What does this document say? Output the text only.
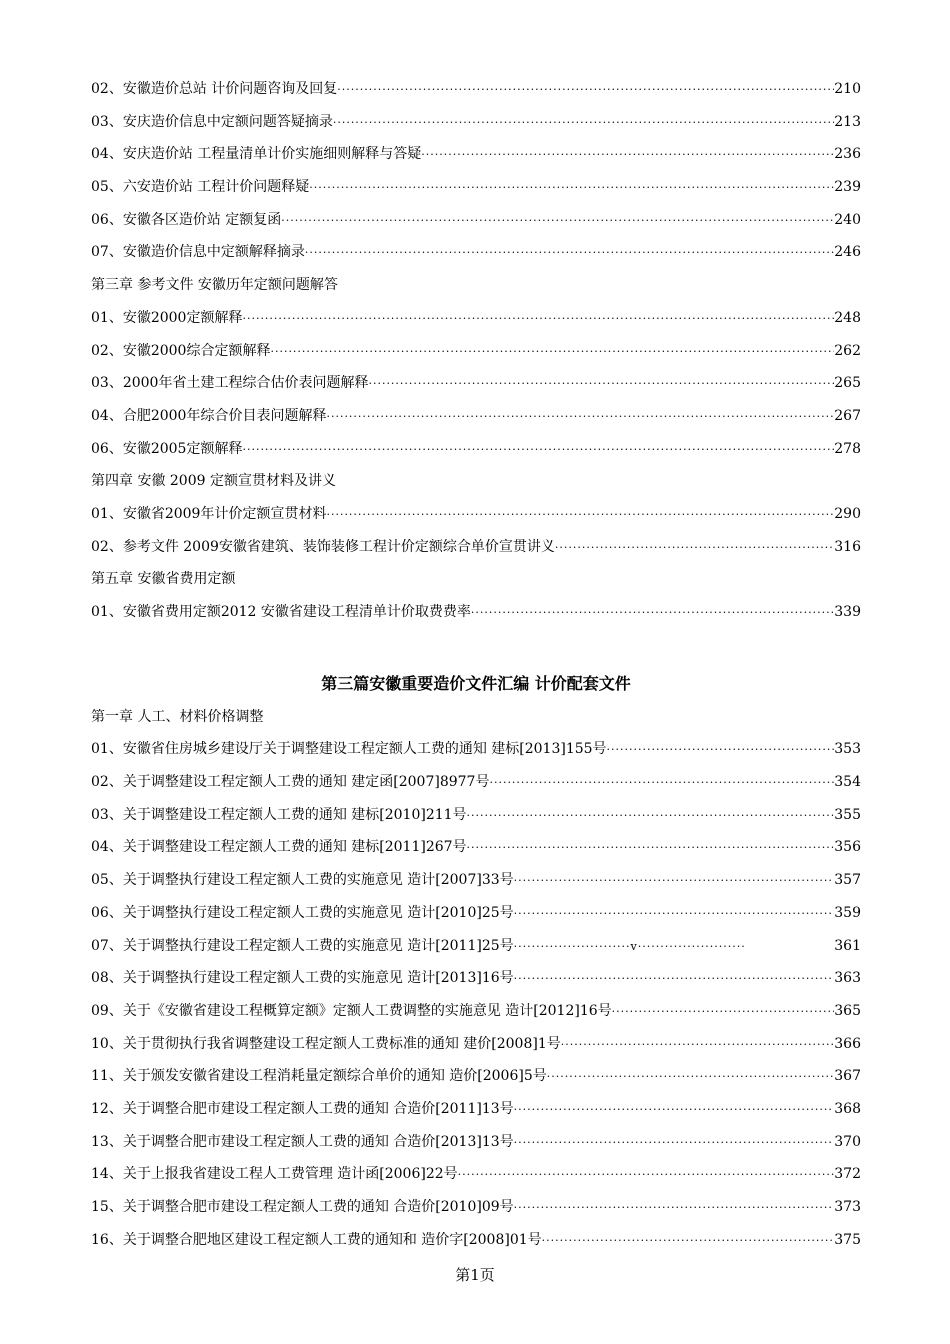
02、安徽造价总站 计价问题咨询及回复 ·····	210
03、安庆造价信息中定额问题答疑摘录 ·····	213
04、安庆造价站 工程量清单计价实施细则解释与答疑 ·····	236
05、六安造价站 工程计价问题释疑 ·····	239
06、安徽各区造价站 定额复函 ·····	240
07、安徽造价信息中定额解释摘录 ·····	246
第三章 参考文件 安徽历年定额问题解答
01、安徽2000定额解释 ·····	248
02、安徽2000综合定额解释 ·····	262
03、2000年省土建工程综合估价表问题解释 ·····	265
04、合肥2000年综合价目表问题解释 ·····	267
06、安徽2005定额解释 ·····	278
第四章 安徽 2009 定额宣贯材料及讲义
01、安徽省2009年计价定额宣贯材料 ·····	290
02、参考文件 2009安徽省建筑、装饰装修工程计价定额综合单价宣贯讲义 ·····	316
第五章 安徽省费用定额
01、安徽省费用定额2012 安徽省建设工程清单计价取费费率 ·····	339
第三篇安徽重要造价文件汇编 计价配套文件
第一章 人工、材料价格调整
01、安徽省住房城乡建设厅关于调整建设工程定额人工费的通知 建标[2013]155号 ·····	353
02、关于调整建设工程定额人工费的通知 建定函[2007]8977号 ·····	354
03、关于调整建设工程定额人工费的通知 建标[2010]211号 ·····	355
04、关于调整建设工程定额人工费的通知 建标[2011]267号 ·····	356
05、关于调整执行建设工程定额人工费的实施意见 造计[2007]33号 ·····	357
06、关于调整执行建设工程定额人工费的实施意见 造计[2010]25号 ·····	359
07、关于调整执行建设工程定额人工费的实施意见 造计[2011]25号 ··························v························	361
08、关于调整执行建设工程定额人工费的实施意见 造计[2013]16号 ·····	363
09、关于《安徽省建设工程概算定额》定额人工费调整的实施意见 造计[2012]16号 ·····	365
10、关于贯彻执行我省调整建设工程定额人工费标准的通知 建价[2008]1号 ·····	366
11、关于颁发安徽省建设工程消耗量定额综合单价的通知 造价[2006]5号 ·····	367
12、关于调整合肥市建设工程定额人工费的通知 合造价[2011]13号 ·····	368
13、关于调整合肥市建设工程定额人工费的通知 合造价[2013]13号 ·····	370
14、关于上报我省建设工程人工费管理 造计函[2006]22号 ·····	372
15、关于调整合肥市建设工程定额人工费的通知 合造价[2010]09号 ·····	373
16、关于调整合肥地区建设工程定额人工费的通知和 造价字[2008]01号 ·····	375
第1页
